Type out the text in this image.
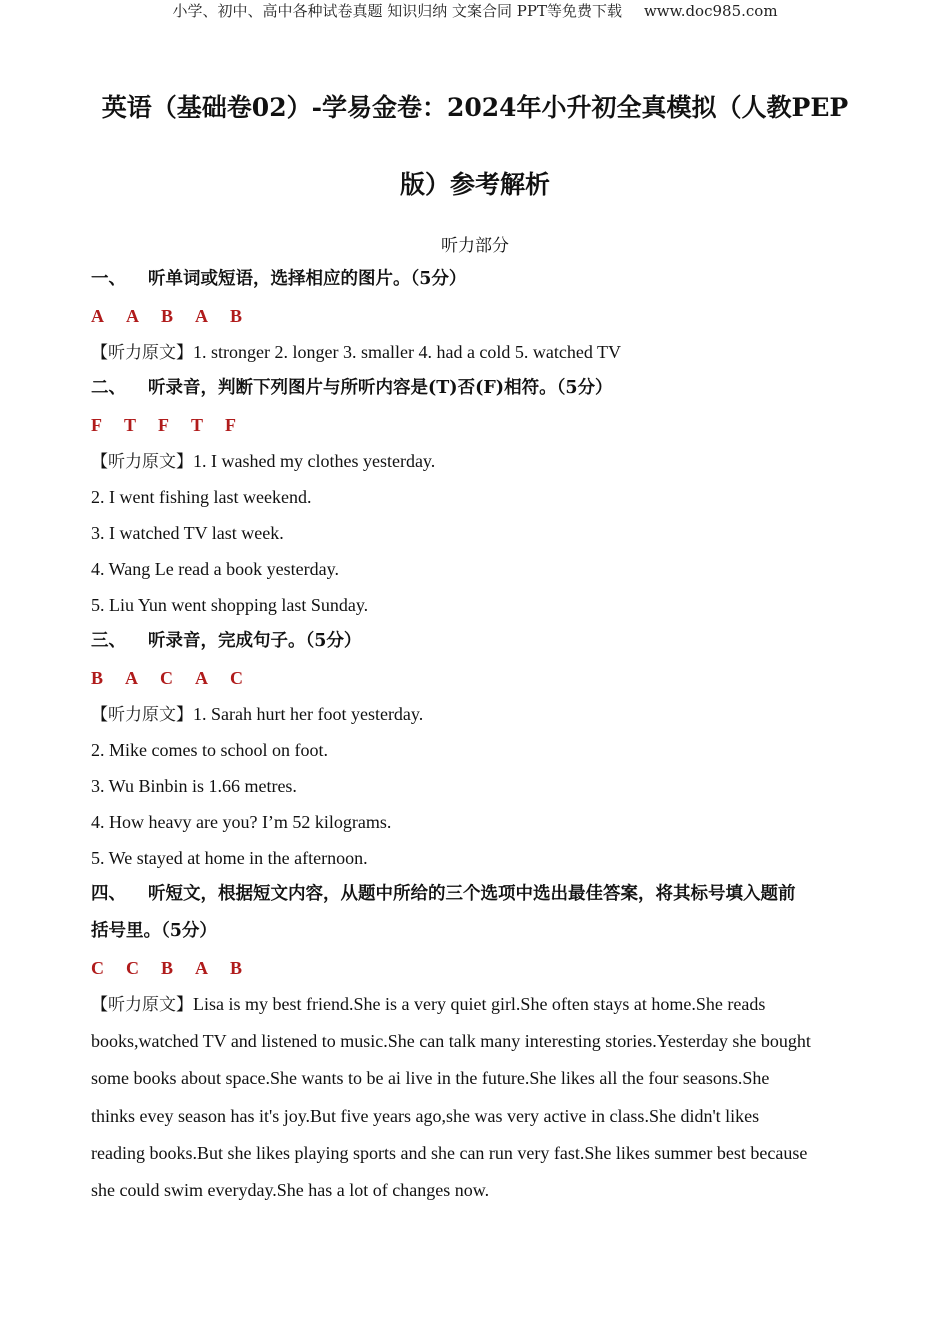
小学、初中、高中各种试卷真题 知识归纳 文案合同 PPT等免费下载 www.doc985.com
英语（基础卷02）-学易金卷：2024年小升初全真模拟（人教PEP
版）参考解析
听力部分
一、 听单词或短语，选择相应的图片。（5分）
A A B A B
【听力原文】1. stronger 2. longer 3. smaller 4. had a cold 5. watched TV
二、 听录音，判断下列图片与所听内容是(T)否(F)相符。（5分）
F T F T F
【听力原文】1. I washed my clothes yesterday.
2. I went fishing last weekend.
3. I watched TV last week.
4. Wang Le read a book yesterday.
5. Liu Yun went shopping last Sunday.
三、 听录音，完成句子。（5分）
B A C A C
【听力原文】1. Sarah hurt her foot yesterday.
2. Mike comes to school on foot.
3. Wu Binbin is 1.66 metres.
4. How heavy are you? I’m 52 kilograms.
5. We stayed at home in the afternoon.
四、 听短文，根据短文内容，从题中所给的三个选项中选出最佳答案，将其标号填入题前
括号里。（5分）
C C B A B
【听力原文】Lisa is my best friend.She is a very quiet girl.She often stays at home.She reads
books,watched TV and listened to music.She can talk many interesting stories.Yesterday she bought
some books about space.She wants to be ai live in the future.She likes all the four seasons.She
thinks evey season has it's joy.But five years ago,she was very active in class.She didn't likes
reading books.But she likes playing sports and she can run very fast.She likes summer best because
she could swim everyday.She has a lot of changes now.
